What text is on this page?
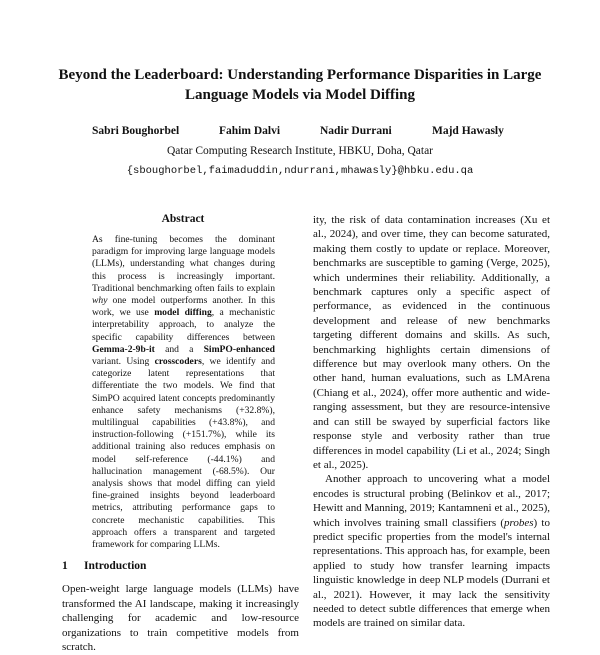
Beyond the Leaderboard: Understanding Performance Disparities in Large Language Models via Model Diffing
Sabri Boughorbel	Fahim Dalvi	Nadir Durrani	Majd Hawasly
Qatar Computing Research Institute, HBKU, Doha, Qatar
{sboughorbel,faimaduddin,ndurrani,mhawasly}@hbku.edu.qa
Abstract

As fine-tuning becomes the dominant paradigm for improving large language models (LLMs), understanding what changes during this process is increasingly important. Traditional benchmarking often fails to explain why one model outperforms another. In this work, we use model diffing, a mechanistic interpretability approach, to analyze the specific capability differences between Gemma-2-9b-it and a SimPO-enhanced variant. Using crosscoders, we identify and categorize latent representations that differentiate the two models. We find that SimPO acquired latent concepts predominantly enhance safety mechanisms (+32.8%), multilingual capabilities (+43.8%), and instruction-following (+151.7%), while its additional training also reduces emphasis on model self-reference (-44.1%) and hallucination management (-68.5%). Our analysis shows that model diffing can yield fine-grained insights beyond leaderboard metrics, attributing performance gaps to concrete mechanistic capabilities. This approach offers a transparent and targeted framework for comparing LLMs.

1 Introduction

Open-weight large language models (LLMs) have transformed the AI landscape, making it increasingly challenging for academic and low-resource organizations to train competitive models from scratch.

ity, the risk of data contamination increases (Xu et al., 2024), and over time, they can become saturated, making them costly to update or replace. Moreover, benchmarks are susceptible to gaming (Verge, 2025), which undermines their reliability. Additionally, a benchmark captures only a specific aspect of performance, as evidenced in the continuous development and release of new benchmarks targeting different domains and skills. As such, benchmarking highlights certain dimensions of difference but may overlook many others. On the other hand, human evaluations, such as LMArena (Chiang et al., 2024), offer more authentic and wide-ranging assessment, but they are resource-intensive and can still be swayed by superficial factors like response style and verbosity rather than true differences in model capability (Li et al., 2024; Singh et al., 2025).

Another approach to uncovering what a model encodes is structural probing (Belinkov et al., 2017; Hewitt and Manning, 2019; Kantamneni et al., 2025), which involves training small classifiers (probes) to predict specific properties from the model's internal representations. This approach has, for example, been applied to study how transfer learning impacts linguistic knowledge in deep NLP models (Durrani et al., 2021). However, it may lack the sensitivity needed to detect subtle differences that emerge when models are trained on similar data.
